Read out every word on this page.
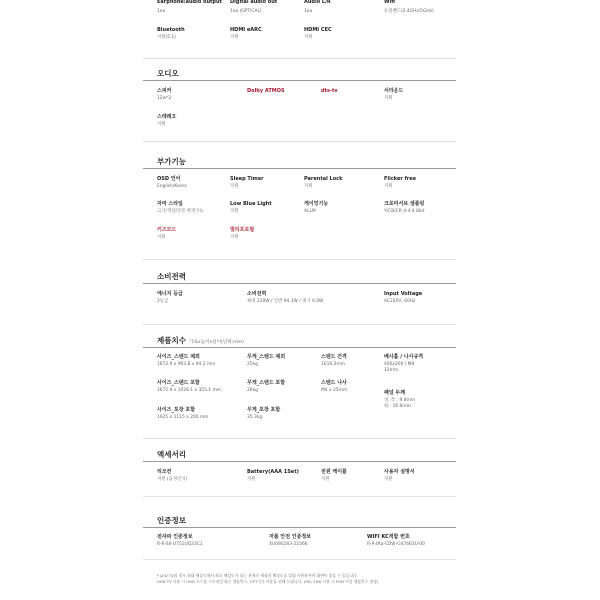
Earphone/audio output
1ea
Digital audio out
1ea (OPTICAL)
Audio L/R
1ea
Wifi
듀얼밴드(2.4GHz/5GHz)
Bluetooth
지원(5.1)
HDMI eARC
지원
HDMI CEC
지원
오디오
스피커
12w*2
Dolby ATMOS	dts-tv	서라운드
지원
스테레오
지원
부가기능
OSD 언어
English/Korea
Sleep Timer
지원
Parental Lock
지원
Flicker free
지원
자막 스타일
크기/색상/글꼴 변경기능
Low Blue Light
지원
게이밍기능
ALLM
크로마서브 샘플링
Y/CB/CR 4:4:4 8bit
키즈모드
지원
멀티프로필
지원
소비전력
에너지 등급
2등급
소비전력
최대 220W / 일반 94.3W / 대기 0.4W
Input Voltage
AC220V, 60Hz
제품치수 가로x높이x깊이(단위:mm)
사이즈_스탠드 제외
1672.9 x 963.8 x 94.2 mm
무게_스탠드 제외
25kg
스탠드 간격
1616.3mm
베사홀 / 나사규격
400x200 / M8
12mm
사이즈_스탠드 포함
1672.9 x 1028.1 x 355.1 mm
무게_스탠드 포함
26kg
스탠드 나사
M4 x 25mm	패널 두께
상, 측 : 9.8mm
하 : 16.6mm
사이즈_포장 포함
1925 x 1115 x 200 mm
무게_포장 포함
35.3kg
액세서리
리모컨
지원 (음성인식)
Battery(AAA 1Set)
지원
전원 케이블
지원
사용자 설명서
지원
인증정보
전자파 인증정보
R-R-SII-U751UQ23C1
저품 안전 인증정보
XU090283-21066
WIFI KC적합 번호
R-R-tRa-CDW-G47663U-00
* LED TV의 경우 최대 해상도에서 최소 해상도가 되는 관계로 제품의 해상도를 맞춰 사용하셔야 화면이 좋을 수 있습니다.
UHD TV 사용 시 UHD 소스를 스트리밍 하는 셋톱박스, OTT기기 사용을 권해 드립니다. (HD, FHD 사용 시 FHD 이상 셋톱박스 권장)
